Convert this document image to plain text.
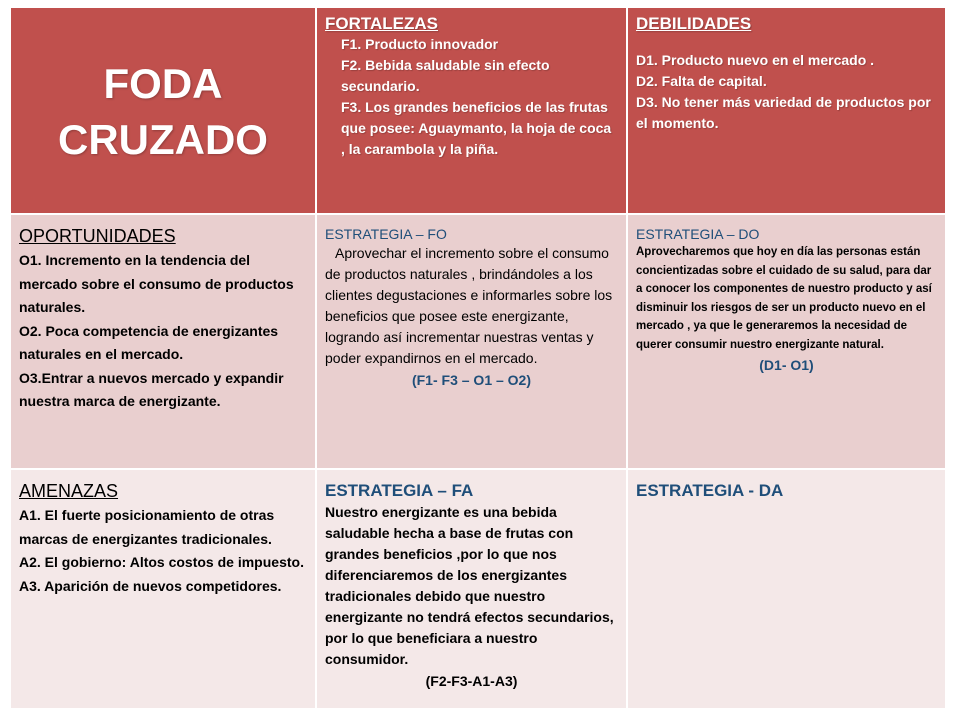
FODA
CRUZADO
FORTALEZAS
F1. Producto innovador
F2. Bebida saludable sin efecto secundario.
F3. Los grandes beneficios de las frutas que posee: Aguaymanto, la hoja de coca , la carambola y la piña.
DEBILIDADES
D1. Producto nuevo en el mercado .
D2. Falta de capital.
D3. No tener más variedad de productos por el momento.
OPORTUNIDADES
O1. Incremento en la tendencia del mercado sobre el consumo de productos naturales.
O2. Poca competencia de energizantes naturales en el mercado.
O3.Entrar a nuevos mercado y expandir nuestra marca de energizante.
ESTRATEGIA – FO

Aprovechar el incremento sobre el consumo de productos naturales , brindándoles a los clientes degustaciones e informarles sobre los beneficios que posee este energizante, logrando así incrementar nuestras ventas y poder expandirnos en el mercado.

(F1- F3 – O1 – O2)
ESTRATEGIA – DO

Aprovecharemos que hoy en día las personas están concientizadas sobre el cuidado de su salud, para dar a conocer los componentes de nuestro producto y así disminuir los riesgos de ser un producto nuevo en el mercado , ya que le generaremos la necesidad de querer consumir nuestro energizante natural.

(D1- O1)
AMENAZAS
A1. El fuerte posicionamiento de otras marcas de energizantes tradicionales.
A2. El gobierno: Altos costos de impuesto.
A3. Aparición de nuevos competidores.
ESTRATEGIA – FA

Nuestro energizante es una bebida saludable hecha a base de frutas con grandes beneficios ,por lo que nos diferenciaremos de los energizantes tradicionales debido que nuestro energizante no tendrá efectos secundarios, por lo que beneficiara a nuestro consumidor.

(F2-F3-A1-A3)
ESTRATEGIA - DA
